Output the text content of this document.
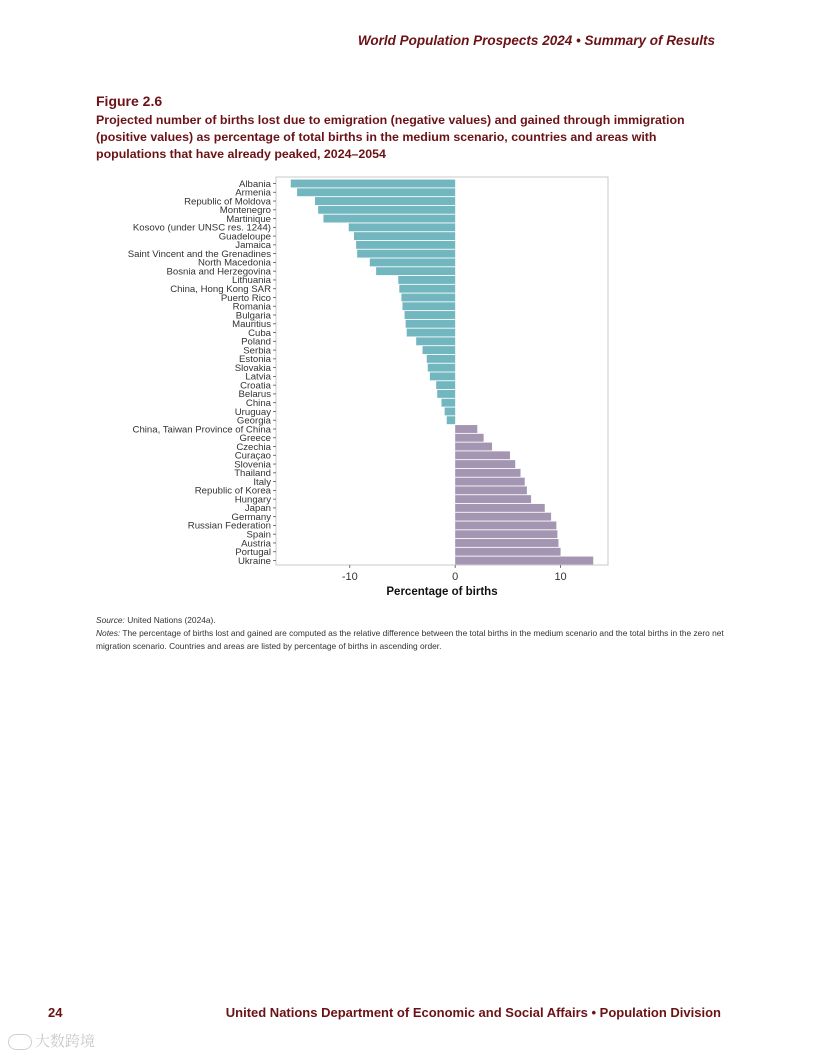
World Population Prospects 2024 • Summary of Results
Figure 2.6
Projected number of births lost due to emigration (negative values) and gained through immigration (positive values) as percentage of total births in the medium scenario, countries and areas with populations that have already peaked, 2024–2054
Albania
Armenia
Republic of Moldova
Montenegro
Martinique
Kosovo (under UNSC res. 1244)
Guadeloupe
Jamaica
Saint Vincent and the Grenadines
North Macedonia
Bosnia and Herzegovina
Lithuania
China, Hong Kong SAR
Puerto Rico
Romania
Bulgaria
Mauritius
Cuba
Poland
Serbia
Estonia
Slovakia
Latvia
Croatia
Belarus
China
Uruguay
Georgia
China, Taiwan Province of China
Greece
Czechia
Curaçao
Slovenia
Thailand
Italy
Republic of Korea
Hungary
Japan
Germany
Russian Federation
Spain
Austria
Portugal
Ukraine
-10	0	10
Percentage of births
Source: United Nations (2024a).
Notes: The percentage of births lost and gained are computed as the relative difference between the total births in the medium scenario and the total births in the zero net migration scenario. Countries and areas are listed by percentage of births in ascending order.
24	United Nations Department of Economic and Social Affairs • Population Division
大数跨境
